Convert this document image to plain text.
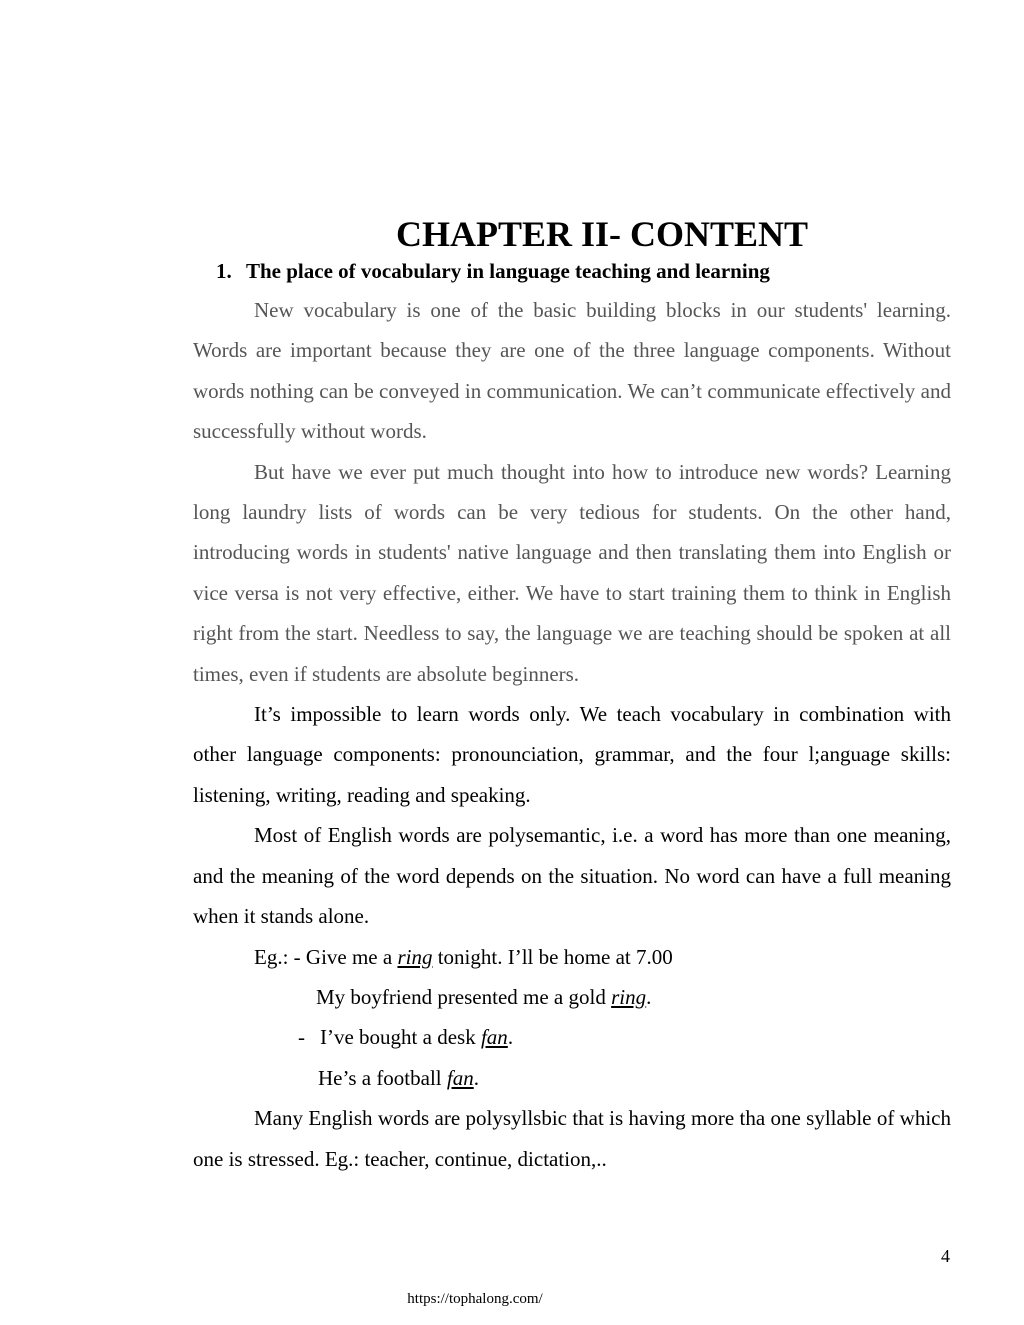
CHAPTER II- CONTENT
1. The place of vocabulary in language teaching and learning

New vocabulary is one of the basic building blocks in our students' learning. Words are important because they are one of the three language components. Without words nothing can be conveyed in communication. We can’t communicate effectively and successfully without words.

But have we ever put much thought into how to introduce new words? Learning long laundry lists of words can be very tedious for students. On the other hand, introducing words in students' native language and then translating them into English or vice versa is not very effective, either. We have to start training them to think in English right from the start. Needless to say, the language we are teaching should be spoken at all times, even if students are absolute beginners.

It’s impossible to learn words only. We teach vocabulary in combination with other language components: pronounciation, grammar, and the four l;anguage skills: listening, writing, reading and speaking.

Most of English words are polysemantic, i.e. a word has more than one meaning, and the meaning of the word depends on the situation. No word can have a full meaning when it stands alone.

Eg.: - Give me a ring tonight. I’ll be home at 7.00

My boyfriend presented me a gold ring.

- I’ve bought a desk fan.

He’s a football fan.

Many English words are polysyllsbic that is having more tha one syllable of which one is stressed. Eg.: teacher, continue, dictation,..

4
https://tophalong.com/
